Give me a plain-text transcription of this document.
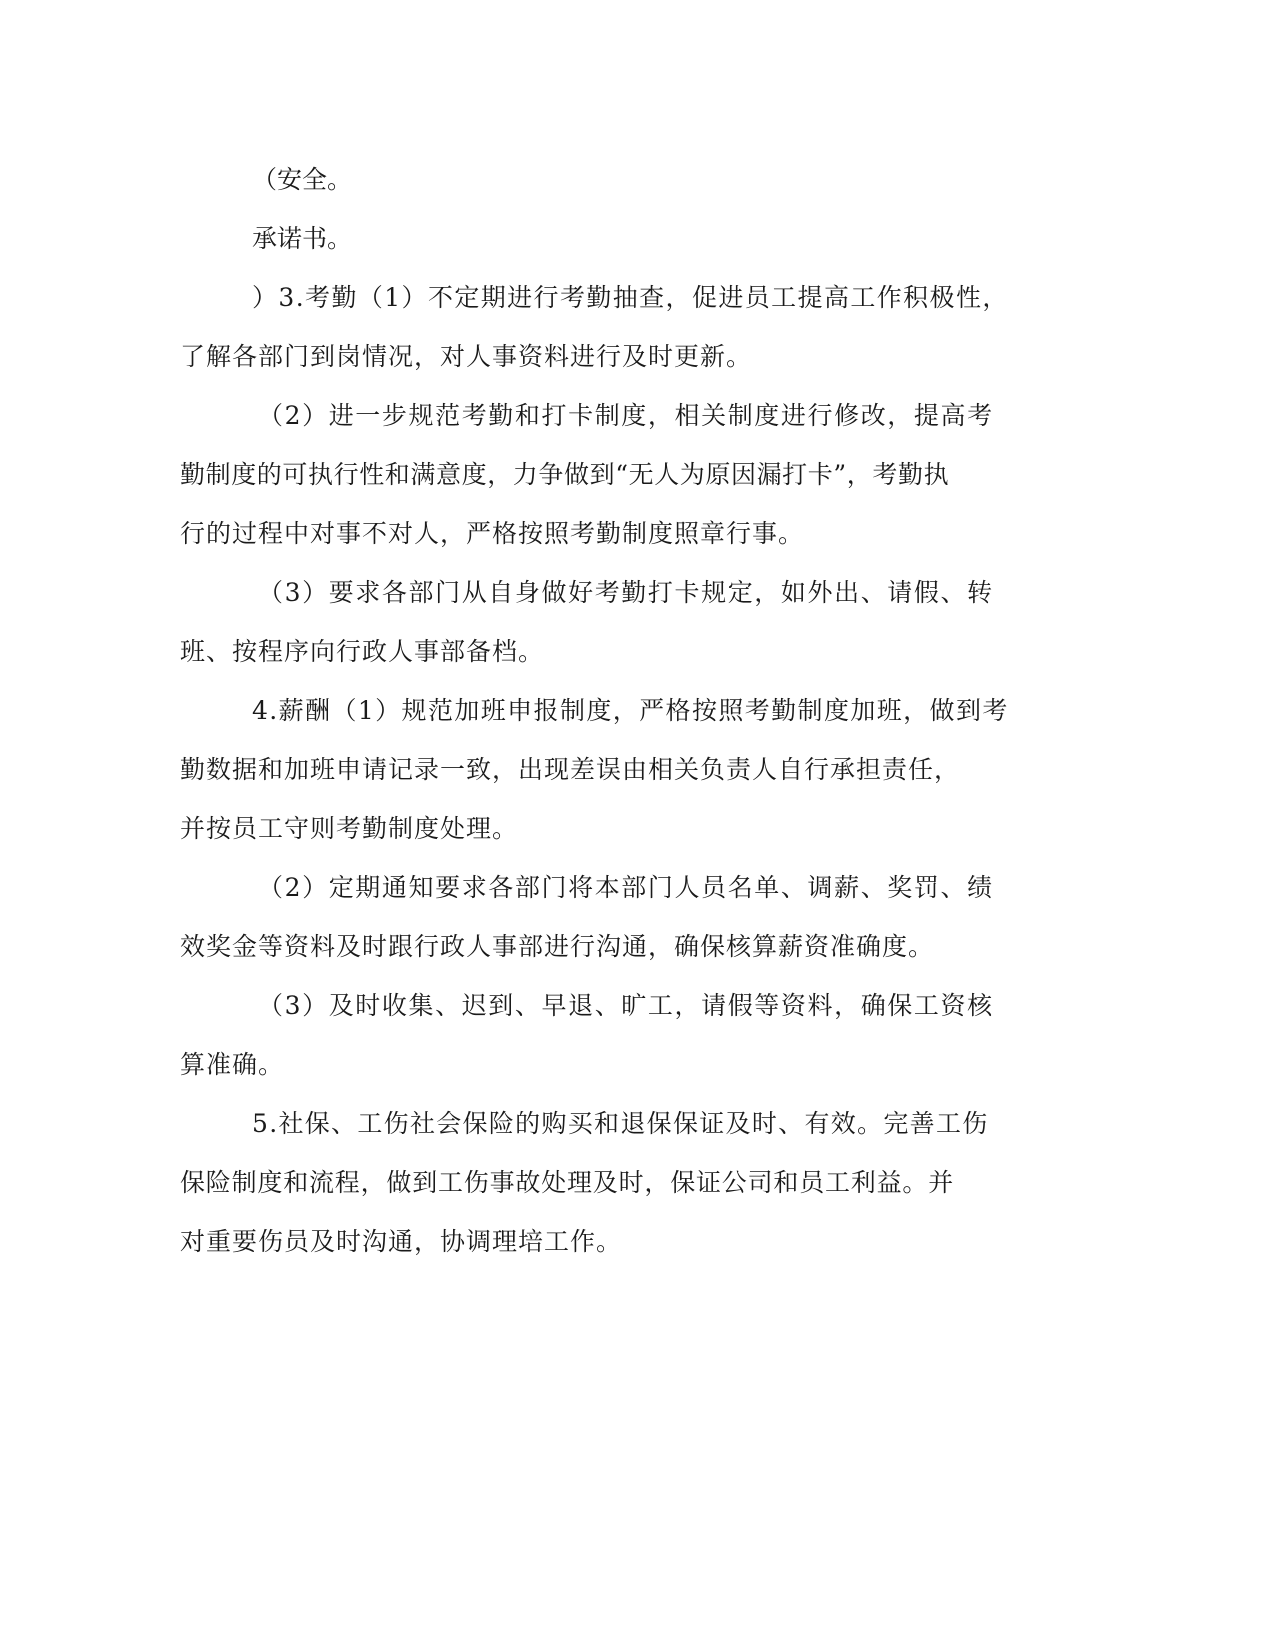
（安全。
承诺书。
）3.考勤（1）不定期进行考勤抽查，促进员工提高工作积极性，
了解各部门到岗情况，对人事资料进行及时更新。
（2）进一步规范考勤和打卡制度，相关制度进行修改，提高考
勤制度的可执行性和满意度，力争做到“无人为原因漏打卡”，考勤执
行的过程中对事不对人，严格按照考勤制度照章行事。
（3）要求各部门从自身做好考勤打卡规定，如外出、请假、转
班、按程序向行政人事部备档。
4.薪酬（1）规范加班申报制度，严格按照考勤制度加班，做到考
勤数据和加班申请记录一致，出现差误由相关负责人自行承担责任，
并按员工守则考勤制度处理。
（2）定期通知要求各部门将本部门人员名单、调薪、奖罚、绩
效奖金等资料及时跟行政人事部进行沟通，确保核算薪资准确度。
（3）及时收集、迟到、早退、旷工，请假等资料，确保工资核
算准确。
5.社保、工伤社会保险的购买和退保保证及时、有效。完善工伤
保险制度和流程，做到工伤事故处理及时，保证公司和员工利益。并
对重要伤员及时沟通，协调理培工作。
